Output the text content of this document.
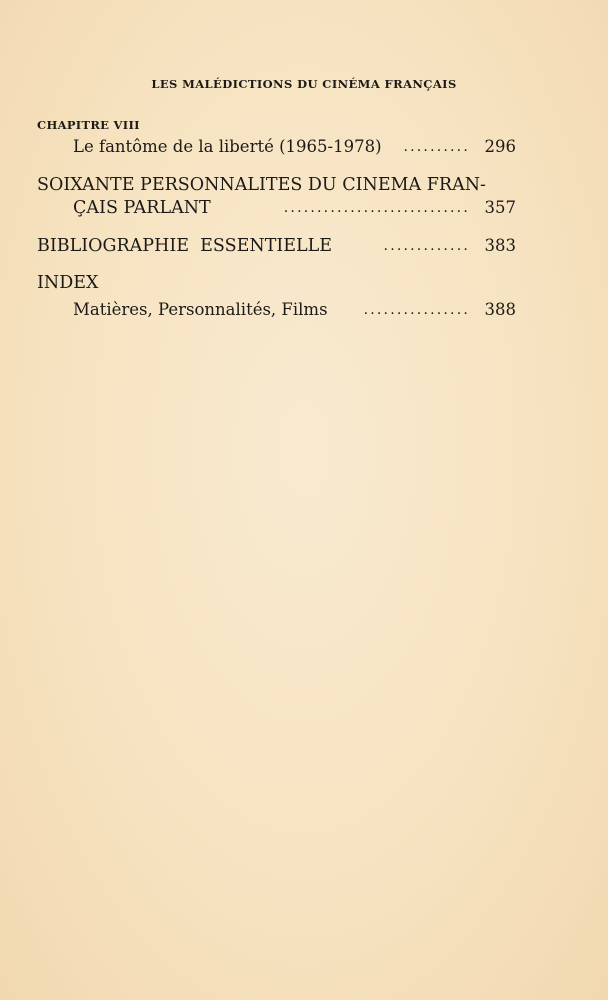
LES MALÉDICTIONS DU CINÉMA FRANÇAIS
CHAPITRE VIII
Le fantôme de la liberté (1965-1978) .......... 296
SOIXANTE PERSONNALITES DU CINEMA FRAN-
ÇAIS PARLANT	............................ 357
BIBLIOGRAPHIE  ESSENTIELLE	............. 383
INDEX
Matières, Personnalités, Films	................ 388
